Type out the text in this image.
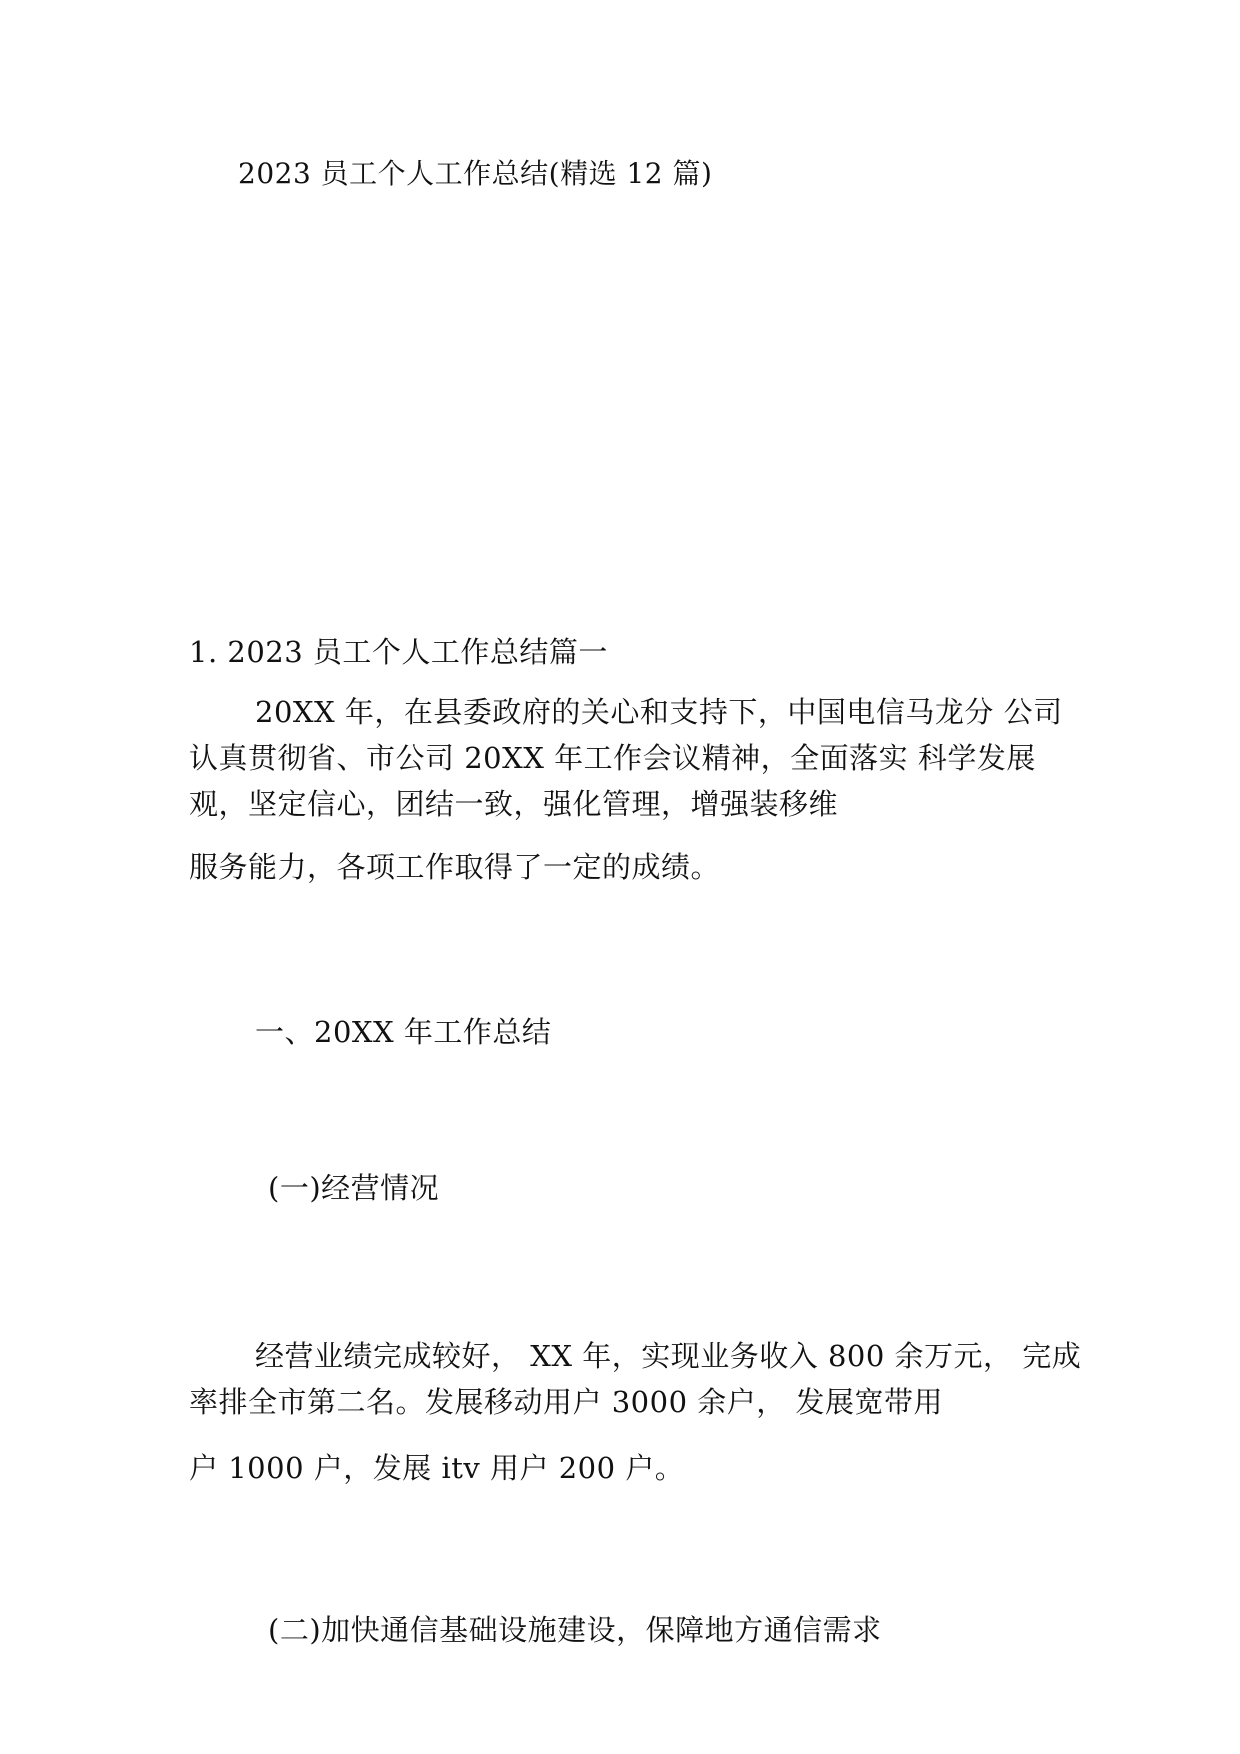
2023 员工个人工作总结(精选 12 篇)
1. 2023 员工个人工作总结篇一
20XX 年，在县委政府的关心和支持下，中国电信马龙分 公司
认真贯彻省、市公司 20XX 年工作会议精神，全面落实 科学发展
观，坚定信心，团结一致，强化管理，增强装移维
服务能力，各项工作取得了一定的成绩。
一、20XX 年工作总结
(一)经营情况
经营业绩完成较好， XX 年，实现业务收入 800 余万元， 完成
率排全市第二名。发展移动用户 3000 余户， 发展宽带用
户 1000 户，发展 itv 用户 200 户。
(二)加快通信基础设施建设，保障地方通信需求
